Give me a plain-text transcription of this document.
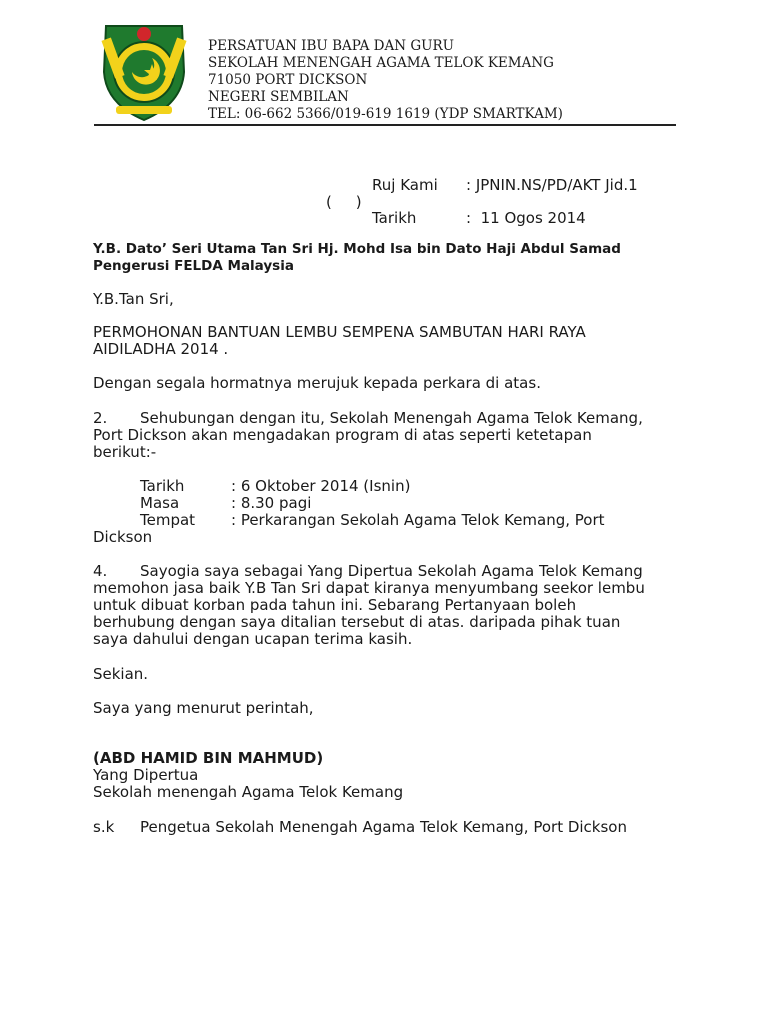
PERSATUAN IBU BAPA DAN GURU
SEKOLAH MENENGAH AGAMA TELOK KEMANG
71050 PORT DICKSON
NEGERI SEMBILAN
TEL: 06-662 5366/019-619 1619 (YDP SMARTKAM)
Ruj Kami : JPNIN.NS/PD/AKT Jid.1
(     )
Tarikh	:  11 Ogos 2014
Y.B. Dato’ Seri Utama Tan Sri Hj. Mohd Isa bin Dato Haji Abdul Samad
Pengerusi FELDA Malaysia
Y.B.Tan Sri,
PERMOHONAN BANTUAN LEMBU SEMPENA SAMBUTAN HARI RAYA
AIDILADHA 2014 .
Dengan segala hormatnya merujuk kepada perkara di atas.
2. Sehubungan dengan itu, Sekolah Menengah Agama Telok Kemang,
Port Dickson akan mengadakan program di atas seperti ketetapan
berikut:-
Tarikh	: 6 Oktober 2014 (Isnin)
Masa	: 8.30 pagi
Tempat : Perkarangan Sekolah Agama Telok Kemang, Port
Dickson
4. Sayogia saya sebagai Yang Dipertua Sekolah Agama Telok Kemang
memohon jasa baik Y.B Tan Sri dapat kiranya menyumbang seekor lembu
untuk dibuat korban pada tahun ini. Sebarang Pertanyaan boleh
berhubung dengan saya ditalian tersebut di atas. daripada pihak tuan
saya dahului dengan ucapan terima kasih.
Sekian.
Saya yang menurut perintah,
(ABD HAMID BIN MAHMUD)
Yang Dipertua
Sekolah menengah Agama Telok Kemang
s.k Pengetua Sekolah Menengah Agama Telok Kemang, Port Dickson
